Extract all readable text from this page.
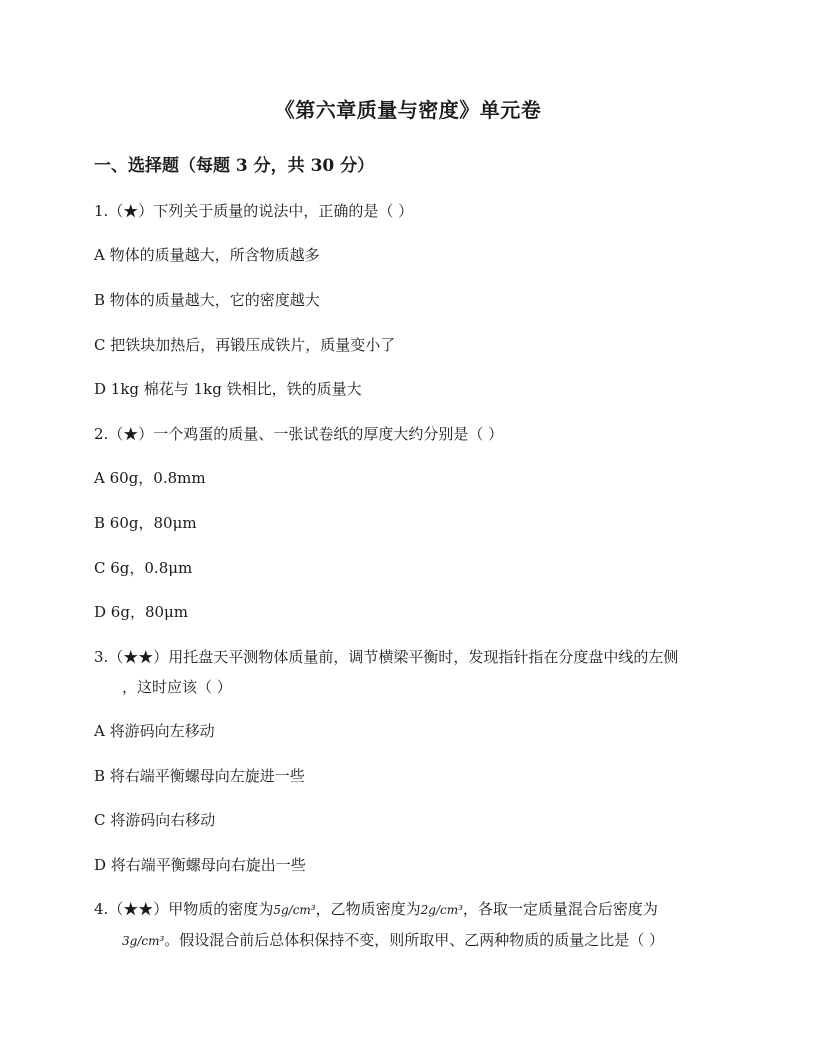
《第六章质量与密度》单元卷
一、选择题（每题 3 分，共 30 分）
1.（★）下列关于质量的说法中，正确的是（ ）
A 物体的质量越大，所含物质越多
B 物体的质量越大，它的密度越大
C 把铁块加热后，再锻压成铁片，质量变小了
D 1kg 棉花与 1kg 铁相比，铁的质量大
2.（★）一个鸡蛋的质量、一张试卷纸的厚度大约分别是（ ）
A 60g，0.8mm
B 60g，80μm
C 6g，0.8μm
D 6g，80μm
3.（★★）用托盘天平测物体质量前，调节横梁平衡时，发现指针指在分度盘中线的左侧
，这时应该（ ）
A 将游码向左移动
B 将右端平衡螺母向左旋进一些
C 将游码向右移动
D 将右端平衡螺母向右旋出一些
4.（★★）甲物质的密度为5g/cm³，乙物质密度为2g/cm³，各取一定质量混合后密度为
3g/cm³。假设混合前后总体积保持不变，则所取甲、乙两种物质的质量之比是（ ）
